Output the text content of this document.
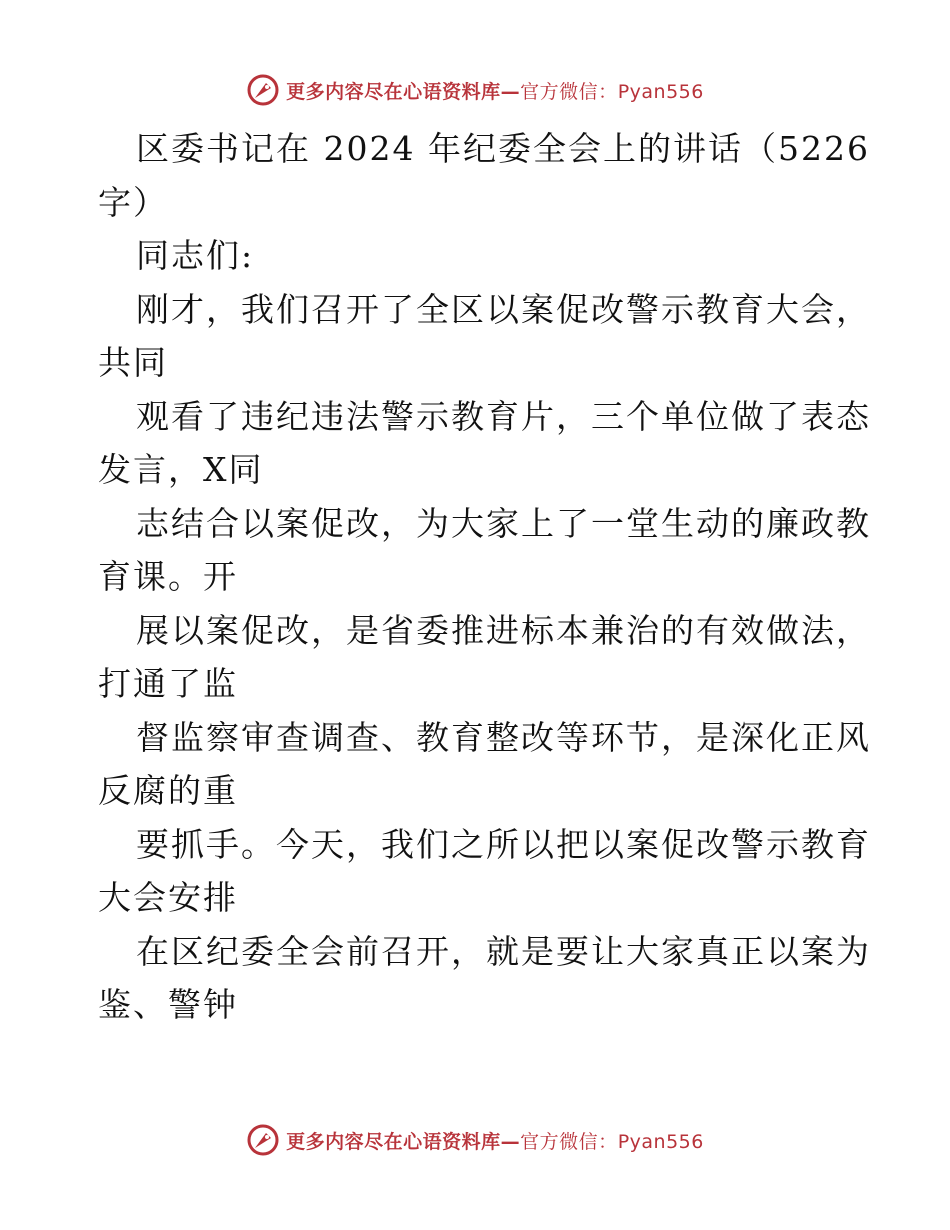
更多内容尽在心语资料库—官方微信：Pyan556
区委书记在 2024 年纪委全会上的讲话（5226
字）
同志们:
刚才，我们召开了全区以案促改警示教育大会，
共同
观看了违纪违法警示教育片，三个单位做了表态
发言，X同
志结合以案促改，为大家上了一堂生动的廉政教
育课。开
展以案促改，是省委推进标本兼治的有效做法，
打通了监
督监察审查调查、教育整改等环节，是深化正风
反腐的重
要抓手。今天，我们之所以把以案促改警示教育
大会安排
在区纪委全会前召开，就是要让大家真正以案为
鉴、警钟
更多内容尽在心语资料库—官方微信：Pyan556
